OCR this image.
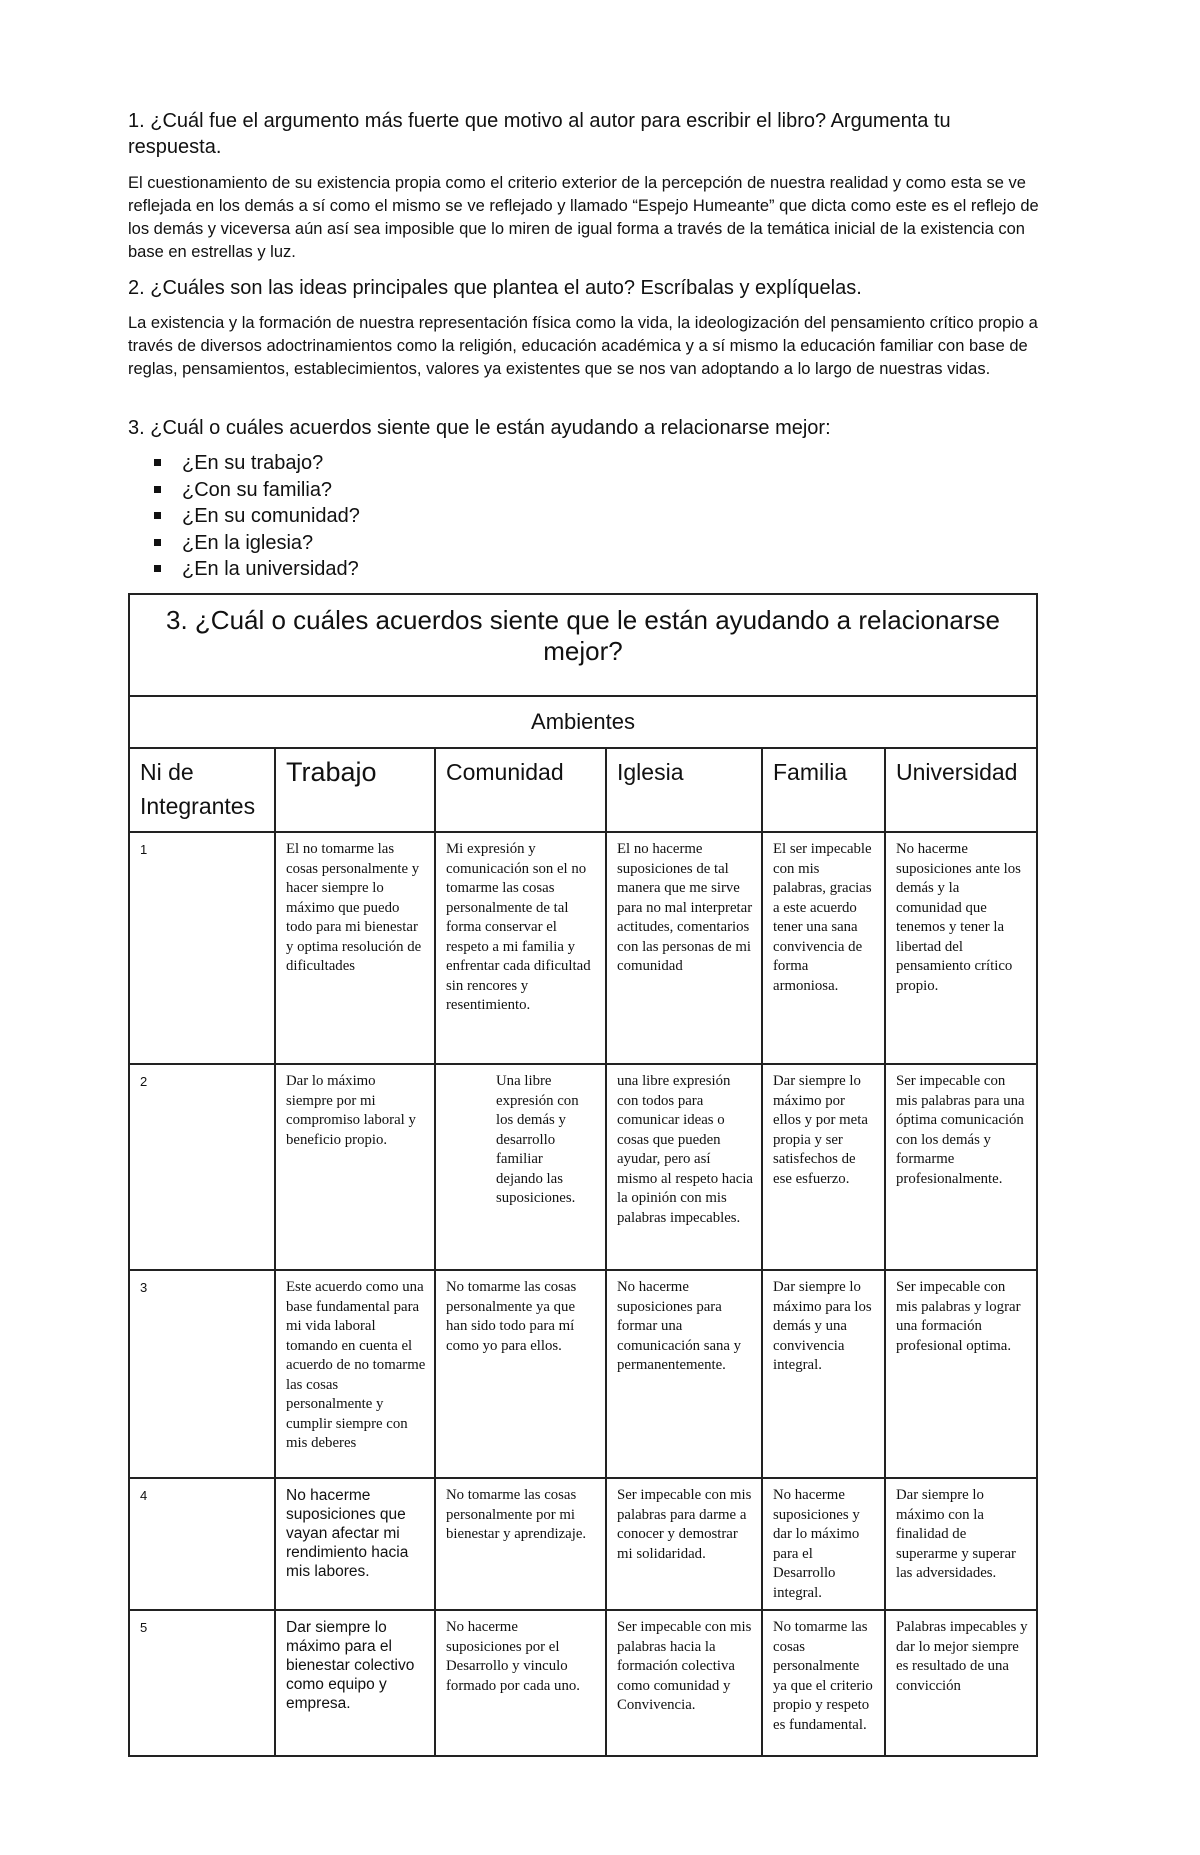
1. ¿Cuál fue el argumento más fuerte que motivo al autor para escribir el libro? Argumenta tu respuesta.

El cuestionamiento de su existencia propia como el criterio exterior de la percepción de nuestra realidad y como esta se ve reflejada en los demás a sí como el mismo se ve reflejado y llamado “Espejo Humeante” que dicta como este es el reflejo de los demás y viceversa aún así sea imposible que lo miren de igual forma a través de la temática inicial de la existencia con base en estrellas y luz.

2. ¿Cuáles son las ideas principales que plantea el auto? Escríbalas y explíquelas.

La existencia y la formación de nuestra representación física como la vida, la ideologización del pensamiento crítico propio a través de diversos adoctrinamientos como la religión, educación académica y a sí mismo la educación familiar con base de reglas, pensamientos, establecimientos, valores ya existentes que se nos van adoptando a lo largo de nuestras vidas.

3. ¿Cuál o cuáles acuerdos siente que le están ayudando a relacionarse mejor:

¿En su trabajo?
¿Con su familia?
¿En su comunidad?
¿En la iglesia?
¿En la universidad?
3. ¿Cuál o cuáles acuerdos siente que le están ayudando a relacionarse mejor?					
Ambientes					
Ni de Integrantes	Trabajo	Comunidad	Iglesia	Familia	Universidad
1	El no tomarme las cosas personalmente y hacer siempre lo máximo que puedo todo para mi bienestar y optima resolución de dificultades	Mi expresión y comunicación son el no tomarme las cosas personalmente de tal forma conservar el respeto a mi familia y enfrentar cada dificultad sin rencores y resentimiento.	El no hacerme suposiciones de tal manera que me sirve para no mal interpretar actitudes, comentarios con las personas de mi comunidad	El ser impecable con mis palabras, gracias a este acuerdo tener una sana convivencia de forma armoniosa.	No hacerme suposiciones ante los demás y la comunidad que tenemos y tener la libertad del pensamiento crítico propio.
2	Dar lo máximo siempre por mi compromiso laboral y beneficio propio.	Una libre expresión con los demás y desarrollo familiar dejando las suposiciones.	una libre expresión con todos para comunicar ideas o cosas que pueden ayudar, pero así mismo al respeto hacia la opinión con mis palabras impecables.	Dar siempre lo máximo por ellos y por meta propia y ser satisfechos de ese esfuerzo.	Ser impecable con mis palabras para una óptima comunicación con los demás y formarme profesionalmente.
3	Este acuerdo como una base fundamental para mi vida laboral tomando en cuenta el acuerdo de no tomarme las cosas personalmente y cumplir siempre con mis deberes	No tomarme las cosas personalmente ya que han sido todo para mí como yo para ellos.	No hacerme suposiciones para formar una comunicación sana y permanentemente.	Dar siempre lo máximo para los demás y una convivencia integral.	Ser impecable con mis palabras y lograr una formación profesional optima.
4	No hacerme suposiciones que vayan afectar mi rendimiento hacia mis labores.	No tomarme las cosas personalmente por mi bienestar y aprendizaje.	Ser impecable con mis palabras para darme a conocer y demostrar mi solidaridad.	No hacerme suposiciones y dar lo máximo para el Desarrollo integral.	Dar siempre lo máximo con la finalidad de superarme y superar las adversidades.
5	Dar siempre lo máximo para el bienestar colectivo como equipo y empresa.	No hacerme suposiciones por el Desarrollo y vinculo formado por cada uno.	Ser impecable con mis palabras hacia la formación colectiva como comunidad y Convivencia.	No tomarme las cosas personalmente ya que el criterio propio y respeto es fundamental.	Palabras impecables y dar lo mejor siempre es resultado de una convicción
